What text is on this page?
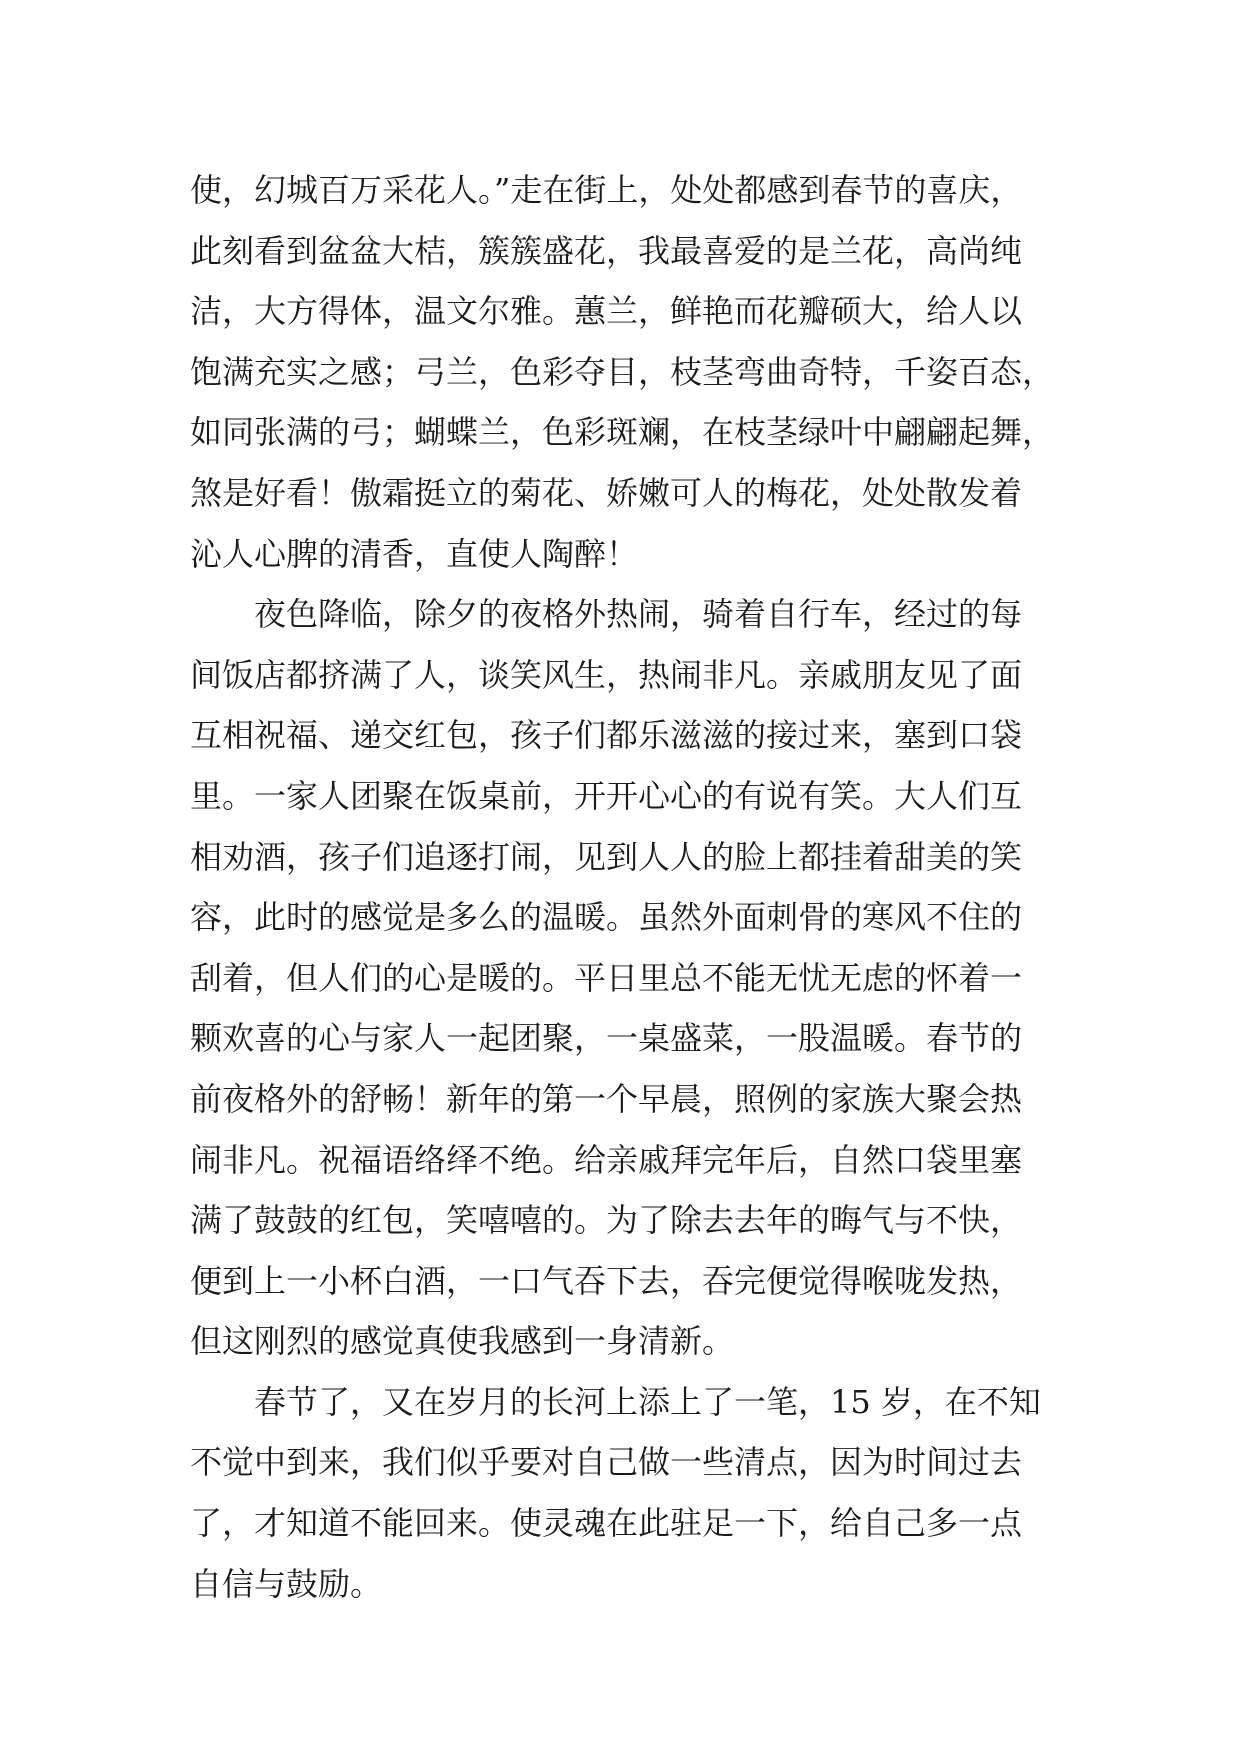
使，幻城百万采花人。”走在街上，处处都感到春节的喜庆，
此刻看到盆盆大桔，簇簇盛花，我最喜爱的是兰花，高尚纯
洁，大方得体，温文尔雅。蕙兰，鲜艳而花瓣硕大，给人以
饱满充实之感；弓兰，色彩夺目，枝茎弯曲奇特，千姿百态，
如同张满的弓；蝴蝶兰，色彩斑斓，在枝茎绿叶中翩翩起舞，
煞是好看！傲霜挺立的菊花、娇嫩可人的梅花，处处散发着
沁人心脾的清香，直使人陶醉！
夜色降临，除夕的夜格外热闹，骑着自行车，经过的每
间饭店都挤满了人，谈笑风生，热闹非凡。亲戚朋友见了面
互相祝福、递交红包，孩子们都乐滋滋的接过来，塞到口袋
里。一家人团聚在饭桌前，开开心心的有说有笑。大人们互
相劝酒，孩子们追逐打闹，见到人人的脸上都挂着甜美的笑
容，此时的感觉是多么的温暖。虽然外面刺骨的寒风不住的
刮着，但人们的心是暖的。平日里总不能无忧无虑的怀着一
颗欢喜的心与家人一起团聚，一桌盛菜，一股温暖。春节的
前夜格外的舒畅！新年的第一个早晨，照例的家族大聚会热
闹非凡。祝福语络绎不绝。给亲戚拜完年后，自然口袋里塞
满了鼓鼓的红包，笑嘻嘻的。为了除去去年的晦气与不快，
便到上一小杯白酒，一口气吞下去，吞完便觉得喉咙发热，
但这刚烈的感觉真使我感到一身清新。
春节了，又在岁月的长河上添上了一笔，15 岁，在不知
不觉中到来，我们似乎要对自己做一些清点，因为时间过去
了，才知道不能回来。使灵魂在此驻足一下，给自己多一点
自信与鼓励。
